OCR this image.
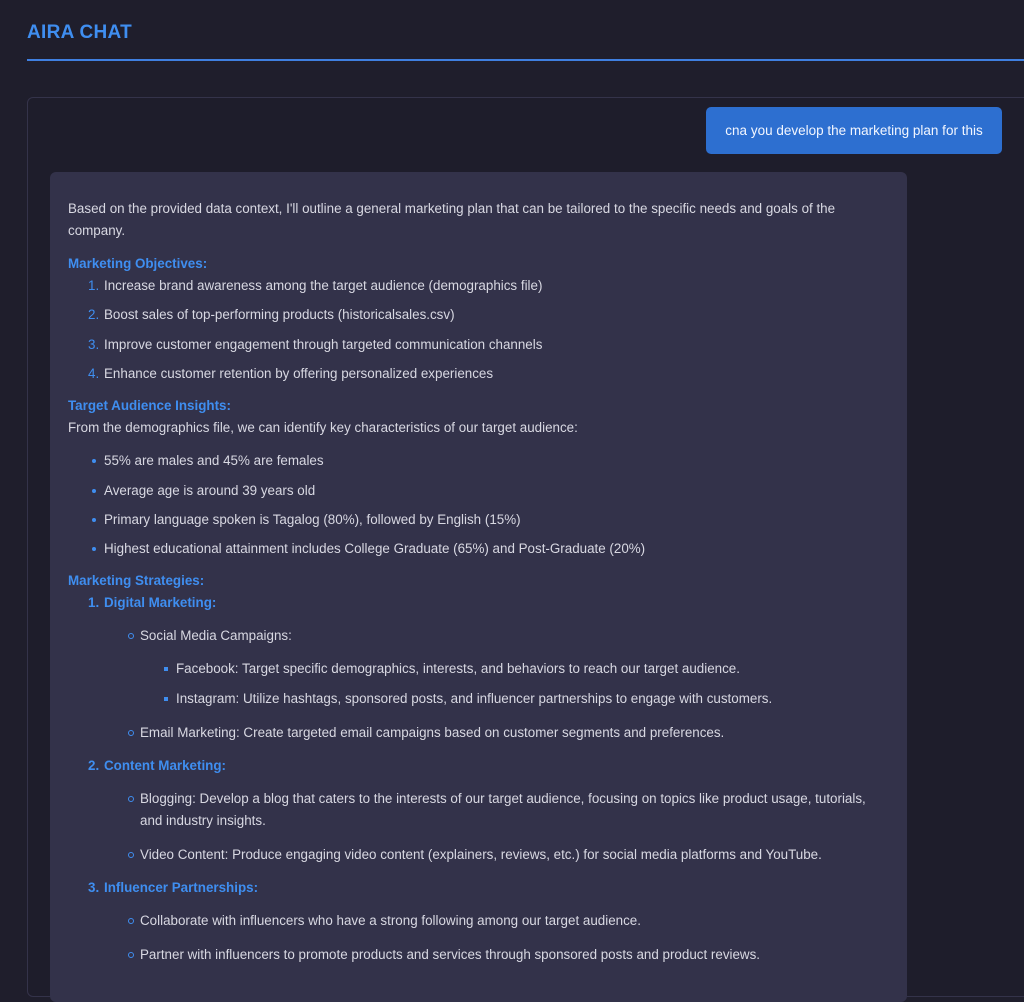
AIRA CHAT
cna you develop the marketing plan for this

Based on the provided data context, I'll outline a general marketing plan that can be tailored to the specific needs and goals of the company.

Marketing Objectives:

1. Increase brand awareness among the target audience (demographics file)
2. Boost sales of top-performing products (historicalsales.csv)
3. Improve customer engagement through targeted communication channels
4. Enhance customer retention by offering personalized experiences

Target Audience Insights:

From the demographics file, we can identify key characteristics of our target audience:

55% are males and 45% are females
Average age is around 39 years old
Primary language spoken is Tagalog (80%), followed by English (15%)
Highest educational attainment includes College Graduate (65%) and Post-Graduate (20%)

Marketing Strategies:

1. Digital Marketing:
Social Media Campaigns:
Facebook: Target specific demographics, interests, and behaviors to reach our target audience.
Instagram: Utilize hashtags, sponsored posts, and influencer partnerships to engage with customers.
Email Marketing: Create targeted email campaigns based on customer segments and preferences.
2. Content Marketing:
Blogging: Develop a blog that caters to the interests of our target audience, focusing on topics like product usage, tutorials, and industry insights.
Video Content: Produce engaging video content (explainers, reviews, etc.) for social media platforms and YouTube.
3. Influencer Partnerships:
Collaborate with influencers who have a strong following among our target audience.
Partner with influencers to promote products and services through sponsored posts and product reviews.
